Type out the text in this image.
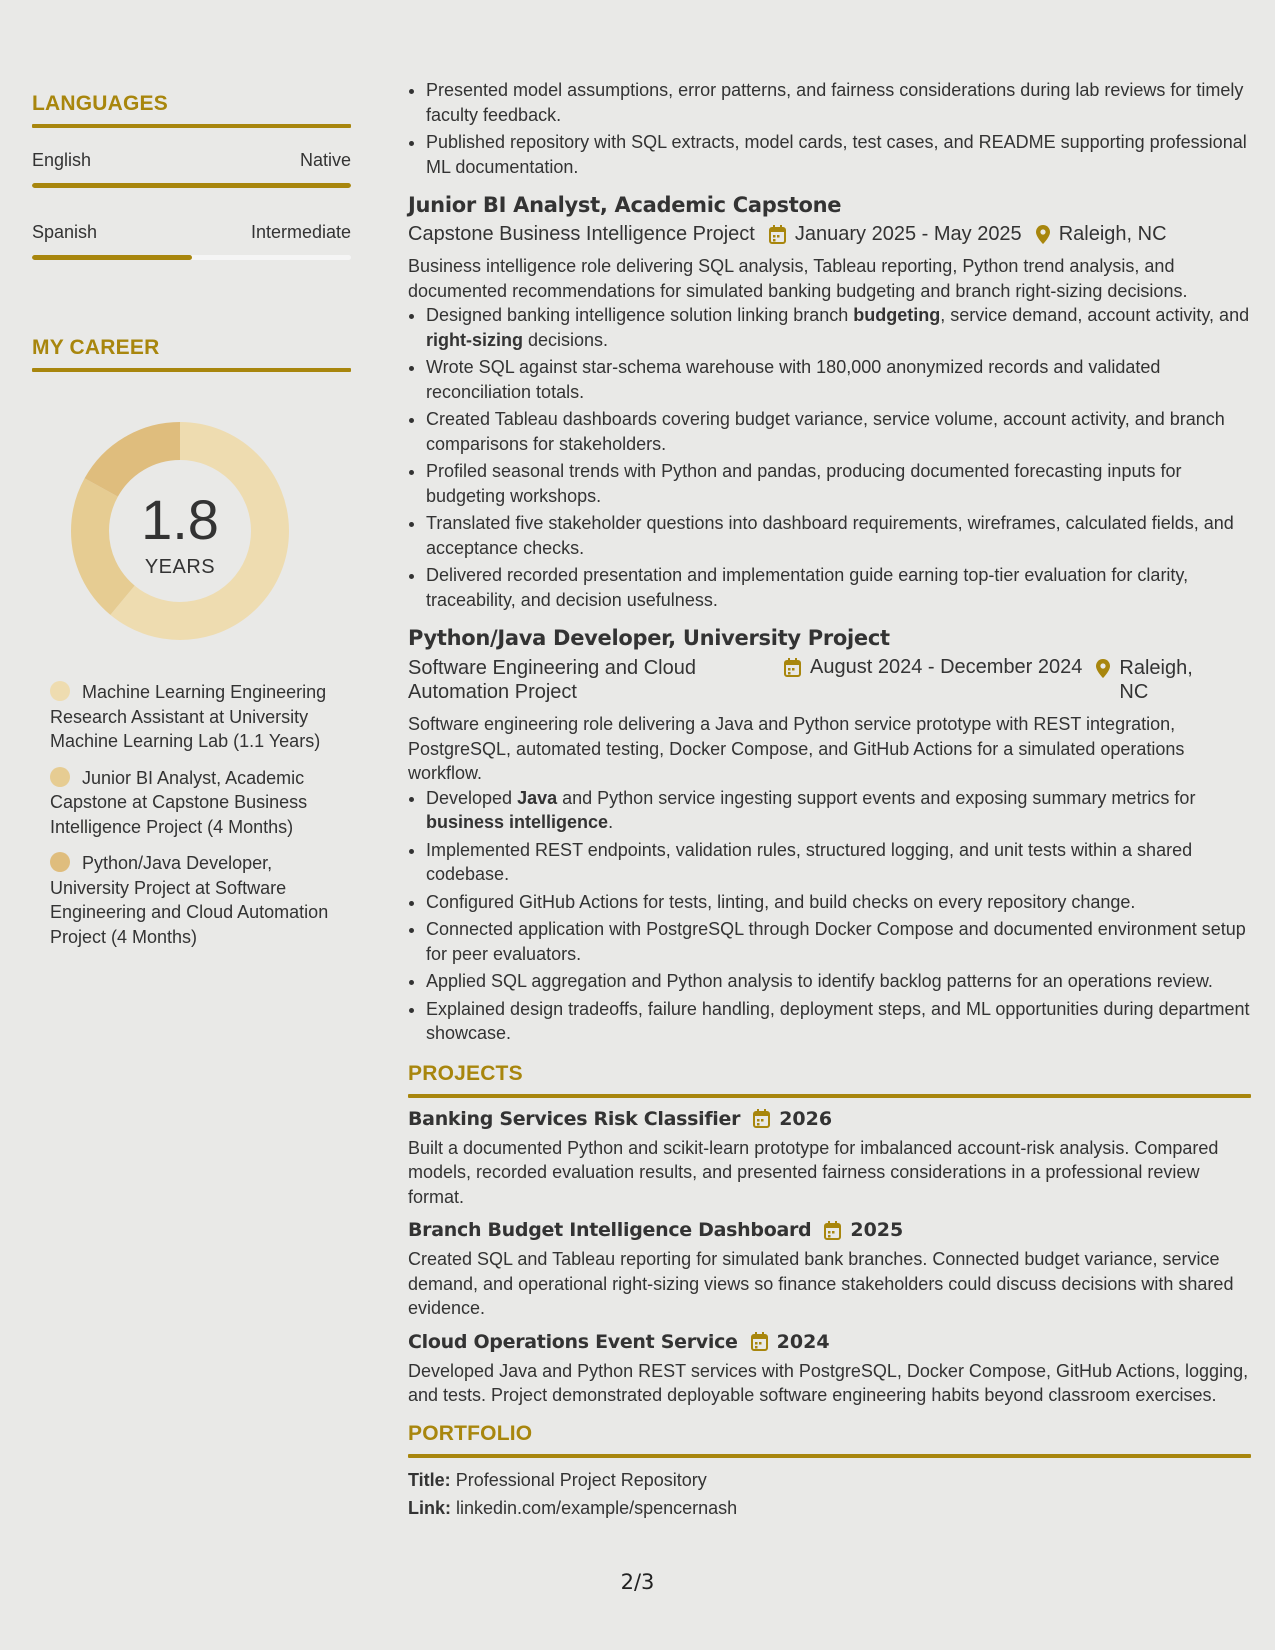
LANGUAGES
English	Native
Spanish	Intermediate
MY CAREER
1.8
YEARS
Machine Learning Engineering Research Assistant at University Machine Learning Lab (1.1 Years)
Junior BI Analyst, Academic Capstone at Capstone Business Intelligence Project (4 Months)
Python/Java Developer, University Project at Software Engineering and Cloud Automation Project (4 Months)
• Presented model assumptions, error patterns, and fairness considerations during lab reviews for timely faculty feedback.
• Published repository with SQL extracts, model cards, test cases, and README supporting professional ML documentation.
Junior BI Analyst, Academic Capstone
Capstone Business Intelligence Project January 2025 - May 2025 Raleigh, NC
Business intelligence role delivering SQL analysis, Tableau reporting, Python trend analysis, and documented recommendations for simulated banking budgeting and branch right-sizing decisions.
• Designed banking intelligence solution linking branch budgeting, service demand, account activity, and right-sizing decisions.
• Wrote SQL against star-schema warehouse with 180,000 anonymized records and validated reconciliation totals.
• Created Tableau dashboards covering budget variance, service volume, account activity, and branch comparisons for stakeholders.
• Profiled seasonal trends with Python and pandas, producing documented forecasting inputs for budgeting workshops.
• Translated five stakeholder questions into dashboard requirements, wireframes, calculated fields, and acceptance checks.
• Delivered recorded presentation and implementation guide earning top-tier evaluation for clarity, traceability, and decision usefulness.
Python/Java Developer, University Project
Software Engineering and Cloud Automation Project
August 2024 - December 2024 Raleigh, NC
Software engineering role delivering a Java and Python service prototype with REST integration, PostgreSQL, automated testing, Docker Compose, and GitHub Actions for a simulated operations workflow.
• Developed Java and Python service ingesting support events and exposing summary metrics for business intelligence.
• Implemented REST endpoints, validation rules, structured logging, and unit tests within a shared codebase.
• Configured GitHub Actions for tests, linting, and build checks on every repository change.
• Connected application with PostgreSQL through Docker Compose and documented environment setup for peer evaluators.
• Applied SQL aggregation and Python analysis to identify backlog patterns for an operations review.
• Explained design tradeoffs, failure handling, deployment steps, and ML opportunities during department showcase.
PROJECTS
Banking Services Risk Classifier 2026
Built a documented Python and scikit-learn prototype for imbalanced account-risk analysis. Compared models, recorded evaluation results, and presented fairness considerations in a professional review format.
Branch Budget Intelligence Dashboard 2025
Created SQL and Tableau reporting for simulated bank branches. Connected budget variance, service demand, and operational right-sizing views so finance stakeholders could discuss decisions with shared evidence.
Cloud Operations Event Service 2024
Developed Java and Python REST services with PostgreSQL, Docker Compose, GitHub Actions, logging, and tests. Project demonstrated deployable software engineering habits beyond classroom exercises.
PORTFOLIO
Title: Professional Project Repository
Link: linkedin.com/example/spencernash
2/3
